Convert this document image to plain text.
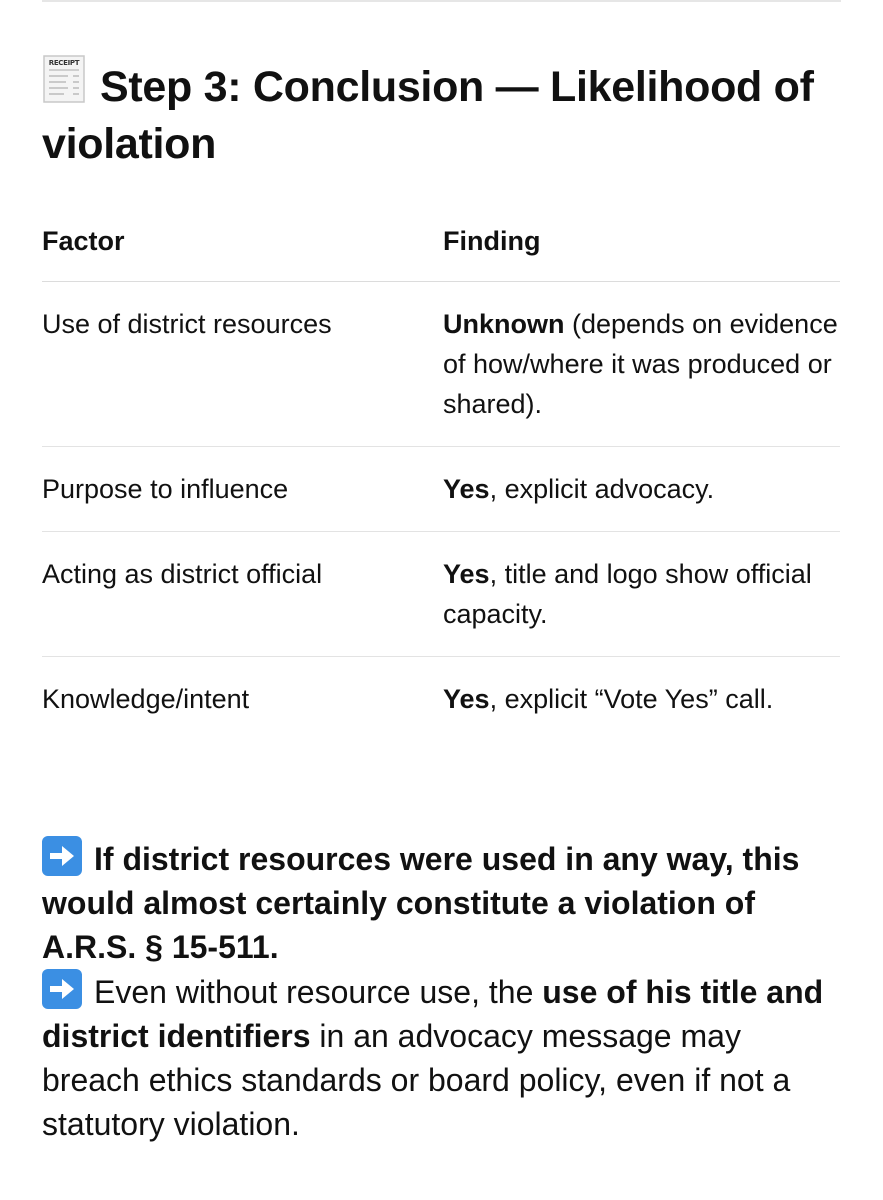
RECEIPT Step 3: Conclusion — Likelihood of violation
Factor	Finding
Use of district resources	Unknown (depends on evidence of how/where it was produced or shared).
Purpose to influence	Yes, explicit advocacy.
Acting as district official	Yes, title and logo show official capacity.
Knowledge/intent	Yes, explicit “Vote Yes” call.

If district resources were used in any way, this would almost certainly constitute a violation of A.R.S. § 15-511.

Even without resource use, the use of his title and district identifiers in an advocacy message may breach ethics standards or board policy, even if not a statutory violation.
